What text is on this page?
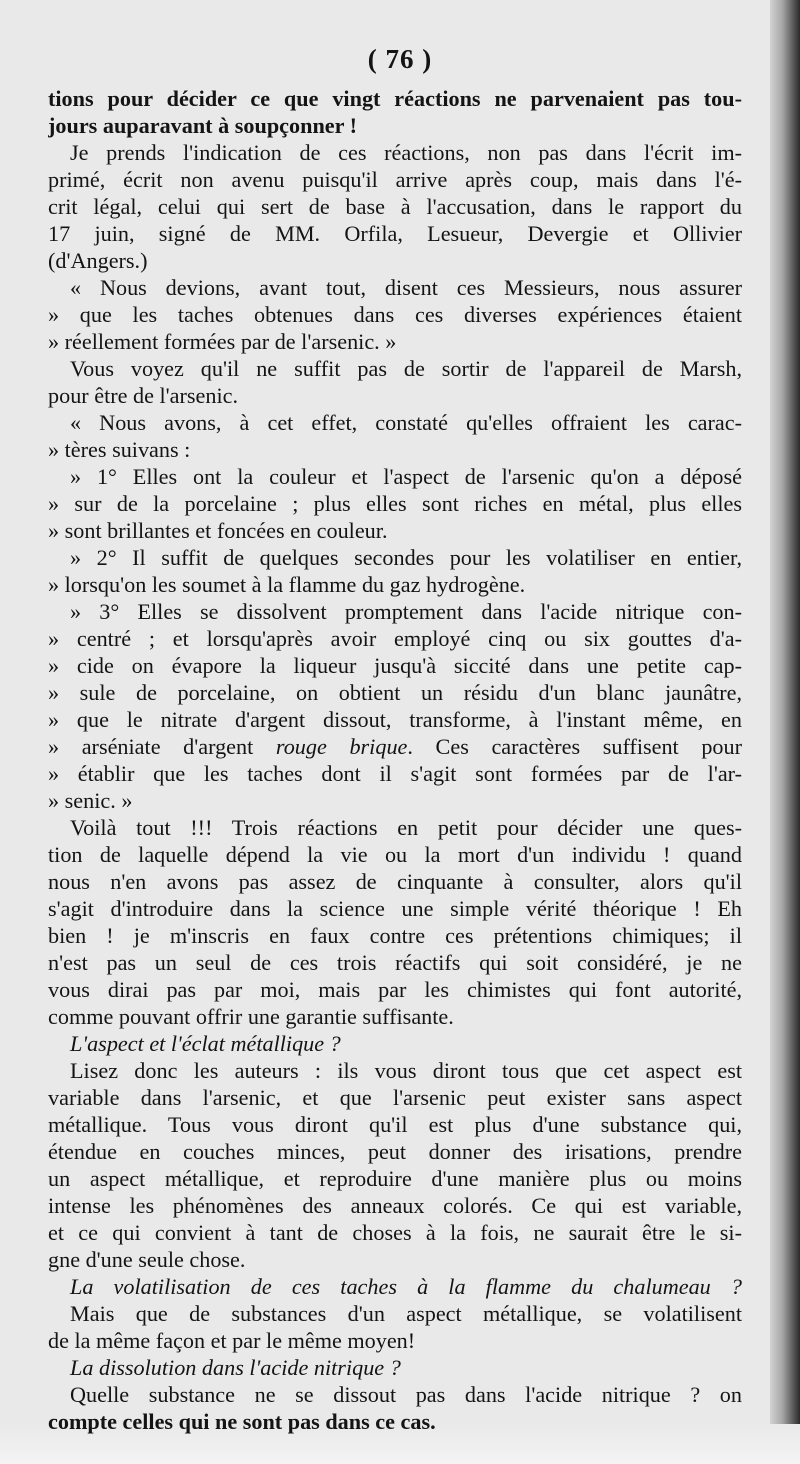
( 76 )
tions pour décider ce que vingt réactions ne parvenaient pas tou-
jours auparavant à soupçonner !
Je prends l'indication de ces réactions, non pas dans l'écrit im-
primé, écrit non avenu puisqu'il arrive après coup, mais dans l'é-
crit légal, celui qui sert de base à l'accusation, dans le rapport du
17 juin, signé de MM. Orfila, Lesueur, Devergie et Ollivier
(d'Angers.)
« Nous devions, avant tout, disent ces Messieurs, nous assurer
» que les taches obtenues dans ces diverses expériences étaient
» réellement formées par de l'arsenic. »
Vous voyez qu'il ne suffit pas de sortir de l'appareil de Marsh,
pour être de l'arsenic.
« Nous avons, à cet effet, constaté qu'elles offraient les carac-
» tères suivans :
» 1° Elles ont la couleur et l'aspect de l'arsenic qu'on a déposé
» sur de la porcelaine ; plus elles sont riches en métal, plus elles
» sont brillantes et foncées en couleur.
» 2° Il suffit de quelques secondes pour les volatiliser en entier,
» lorsqu'on les soumet à la flamme du gaz hydrogène.
» 3° Elles se dissolvent promptement dans l'acide nitrique con-
» centré ; et lorsqu'après avoir employé cinq ou six gouttes d'a-
» cide on évapore la liqueur jusqu'à siccité dans une petite cap-
» sule de porcelaine, on obtient un résidu d'un blanc jaunâtre,
» que le nitrate d'argent dissout, transforme, à l'instant même, en
» arséniate d'argent rouge brique. Ces caractères suffisent pour
» établir que les taches dont il s'agit sont formées par de l'ar-
» senic. »
Voilà tout !!! Trois réactions en petit pour décider une ques-
tion de laquelle dépend la vie ou la mort d'un individu ! quand
nous n'en avons pas assez de cinquante à consulter, alors qu'il
s'agit d'introduire dans la science une simple vérité théorique ! Eh
bien ! je m'inscris en faux contre ces prétentions chimiques; il
n'est pas un seul de ces trois réactifs qui soit considéré, je ne
vous dirai pas par moi, mais par les chimistes qui font autorité,
comme pouvant offrir une garantie suffisante.
L'aspect et l'éclat métallique ?
Lisez donc les auteurs : ils vous diront tous que cet aspect est
variable dans l'arsenic, et que l'arsenic peut exister sans aspect
métallique. Tous vous diront qu'il est plus d'une substance qui,
étendue en couches minces, peut donner des irisations, prendre
un aspect métallique, et reproduire d'une manière plus ou moins
intense les phénomènes des anneaux colorés. Ce qui est variable,
et ce qui convient à tant de choses à la fois, ne saurait être le si-
gne d'une seule chose.
La volatilisation de ces taches à la flamme du chalumeau ?
Mais que de substances d'un aspect métallique, se volatilisent
de la même façon et par le même moyen!
La dissolution dans l'acide nitrique ?
Quelle substance ne se dissout pas dans l'acide nitrique ? on
compte celles qui ne sont pas dans ce cas.
